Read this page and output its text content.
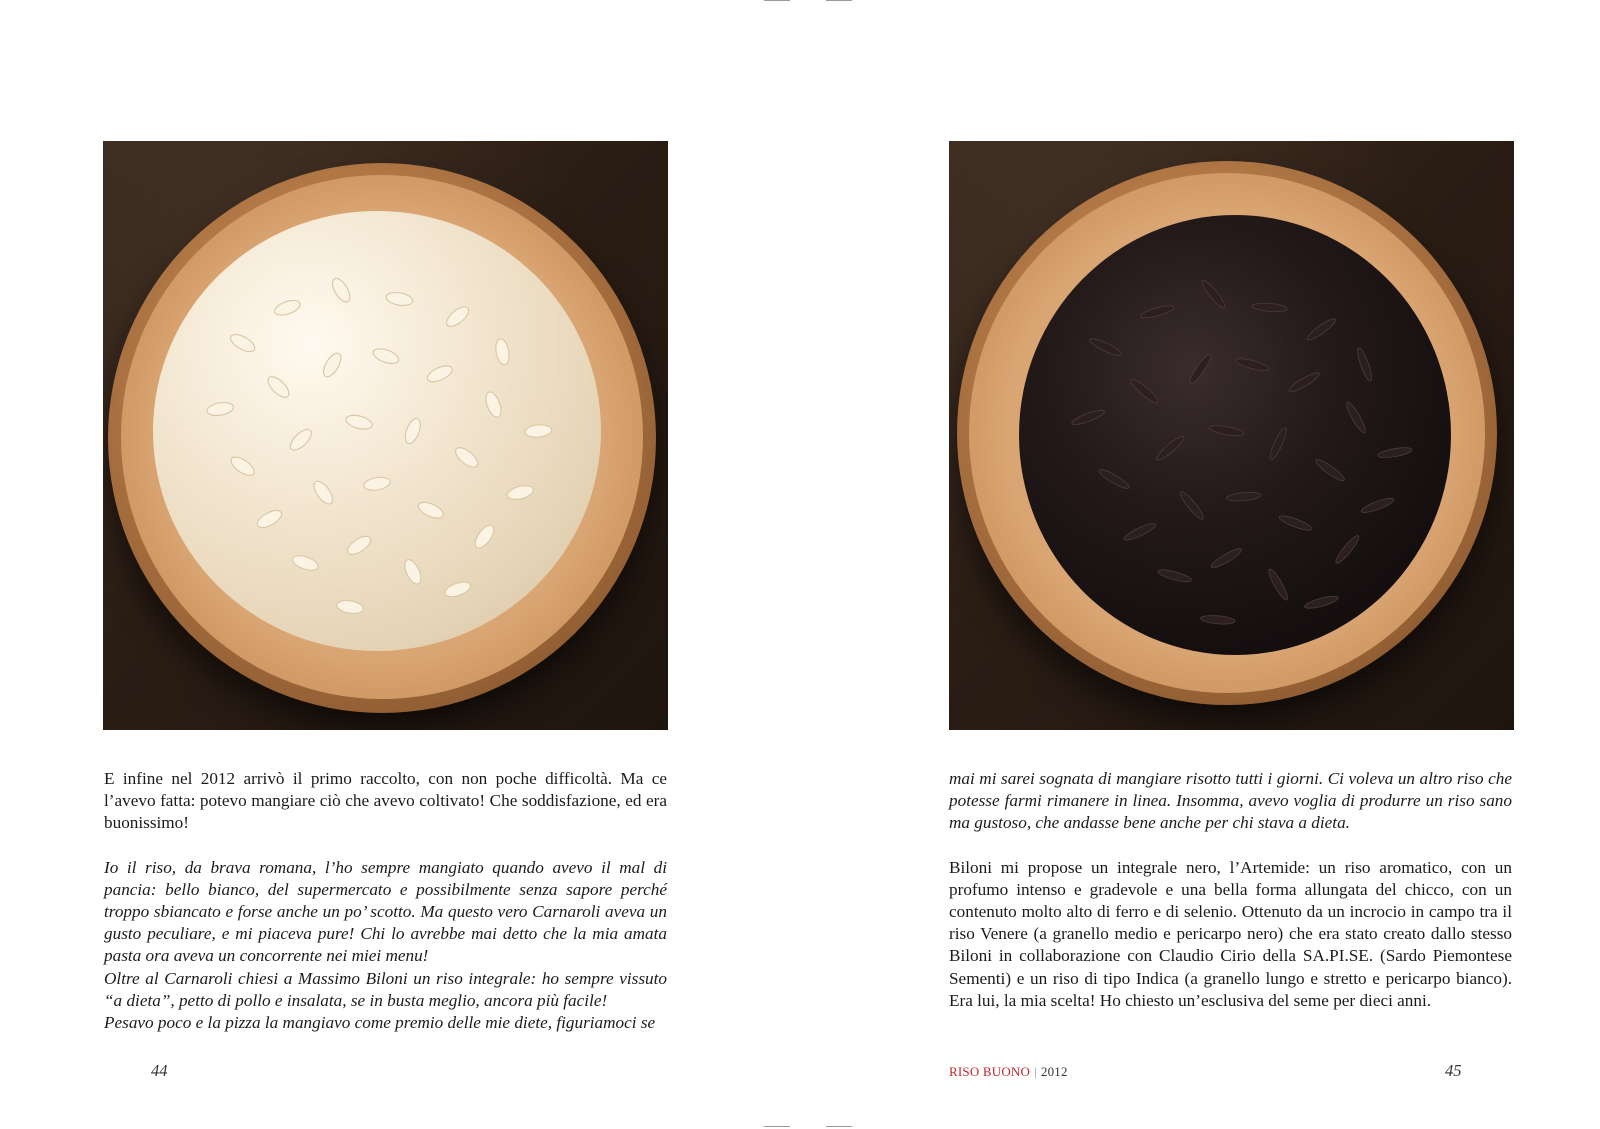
E infine nel 2012 arrivò il primo raccolto, con non poche difficoltà. Ma ce l’avevo fatta: potevo mangiare ciò che avevo coltivato! Che soddisfazione, ed era buonissimo!

Io il riso, da brava romana, l’ho sempre mangiato quando avevo il mal di pancia: bello bianco, del supermercato e possibilmente senza sapore perché troppo sbiancato e forse anche un po’ scotto. Ma questo vero Carnaroli aveva un gusto peculiare, e mi piaceva pure! Chi lo avrebbe mai detto che la mia amata pasta ora aveva un concorrente nei miei menu!

Oltre al Carnaroli chiesi a Massimo Biloni un riso integrale: ho sempre vissuto “a dieta”, petto di pollo e insalata, se in busta meglio, ancora più facile!

Pesavo poco e la pizza la mangiavo come premio delle mie diete, figuriamoci se

44

mai mi sarei sognata di mangiare risotto tutti i giorni. Ci voleva un altro riso che potesse farmi rimanere in linea. Insomma, avevo voglia di produrre un riso sano ma gustoso, che andasse bene anche per chi stava a dieta.

Biloni mi propose un integrale nero, l’Artemide: un riso aromatico, con un profumo intenso e gradevole e una bella forma allungata del chicco, con un contenuto molto alto di ferro e di selenio. Ottenuto da un incrocio in campo tra il riso Venere (a granello medio e pericarpo nero) che era stato creato dallo stesso Biloni in collaborazione con Claudio Cirio della SA.PI.SE. (Sardo Piemontese Sementi) e un riso di tipo Indica (a granello lungo e stretto e pericarpo bianco). Era lui, la mia scelta! Ho chiesto un’esclusiva del seme per dieci anni.

RISO BUONO | 2012	45
